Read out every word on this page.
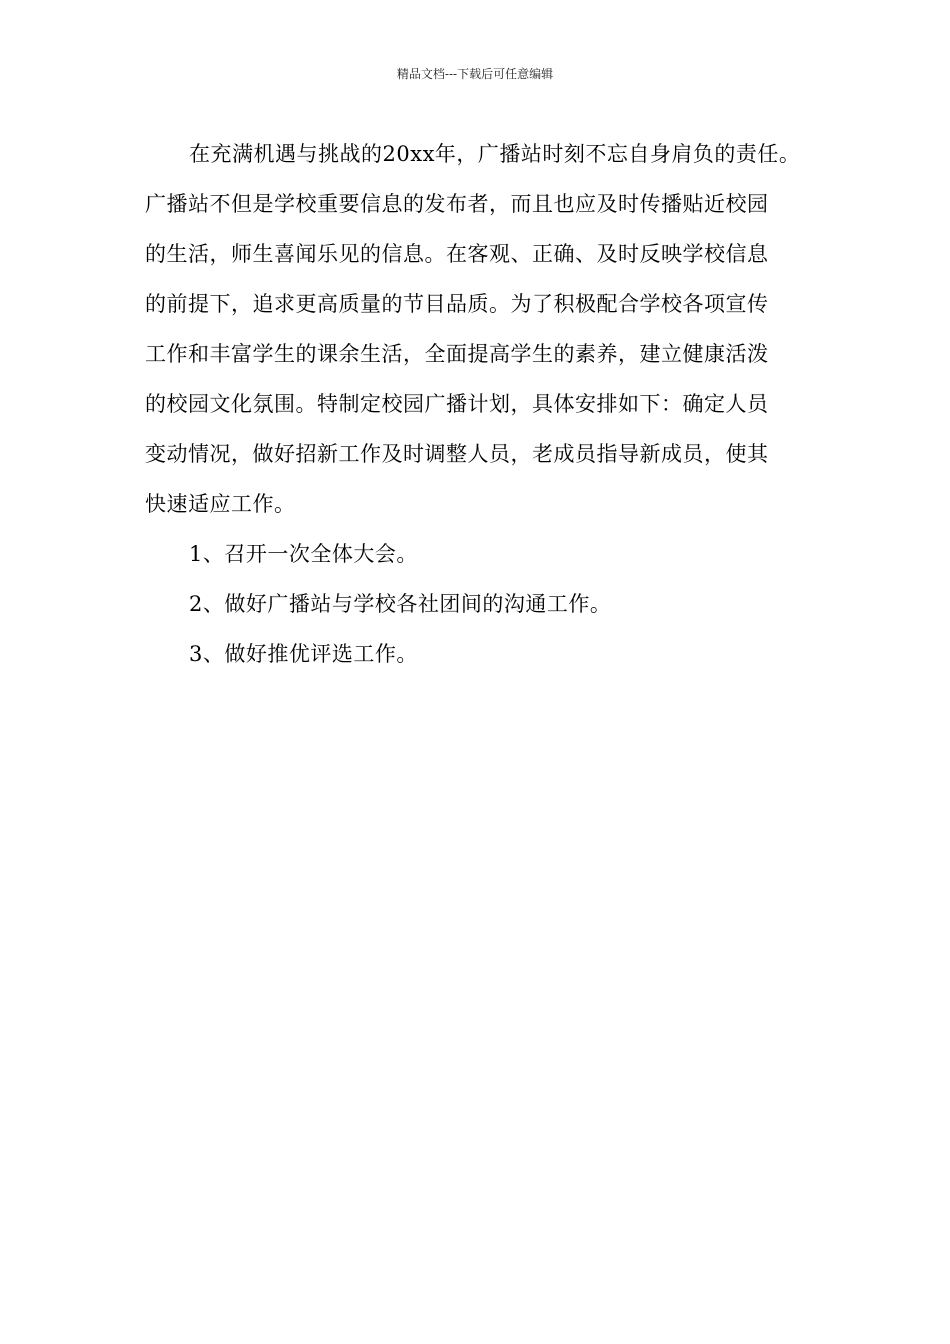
精品文档---下载后可任意编辑
在充满机遇与挑战的20xx年，广播站时刻不忘自身肩负的责任。
广播站不但是学校重要信息的发布者，而且也应及时传播贴近校园
的生活，师生喜闻乐见的信息。在客观、正确、及时反映学校信息
的前提下，追求更高质量的节目品质。为了积极配合学校各项宣传
工作和丰富学生的课余生活，全面提高学生的素养，建立健康活泼
的校园文化氛围。特制定校园广播计划，具体安排如下：确定人员
变动情况，做好招新工作及时调整人员，老成员指导新成员，使其
快速适应工作。
1、召开一次全体大会。
2、做好广播站与学校各社团间的沟通工作。
3、做好推优评选工作。
